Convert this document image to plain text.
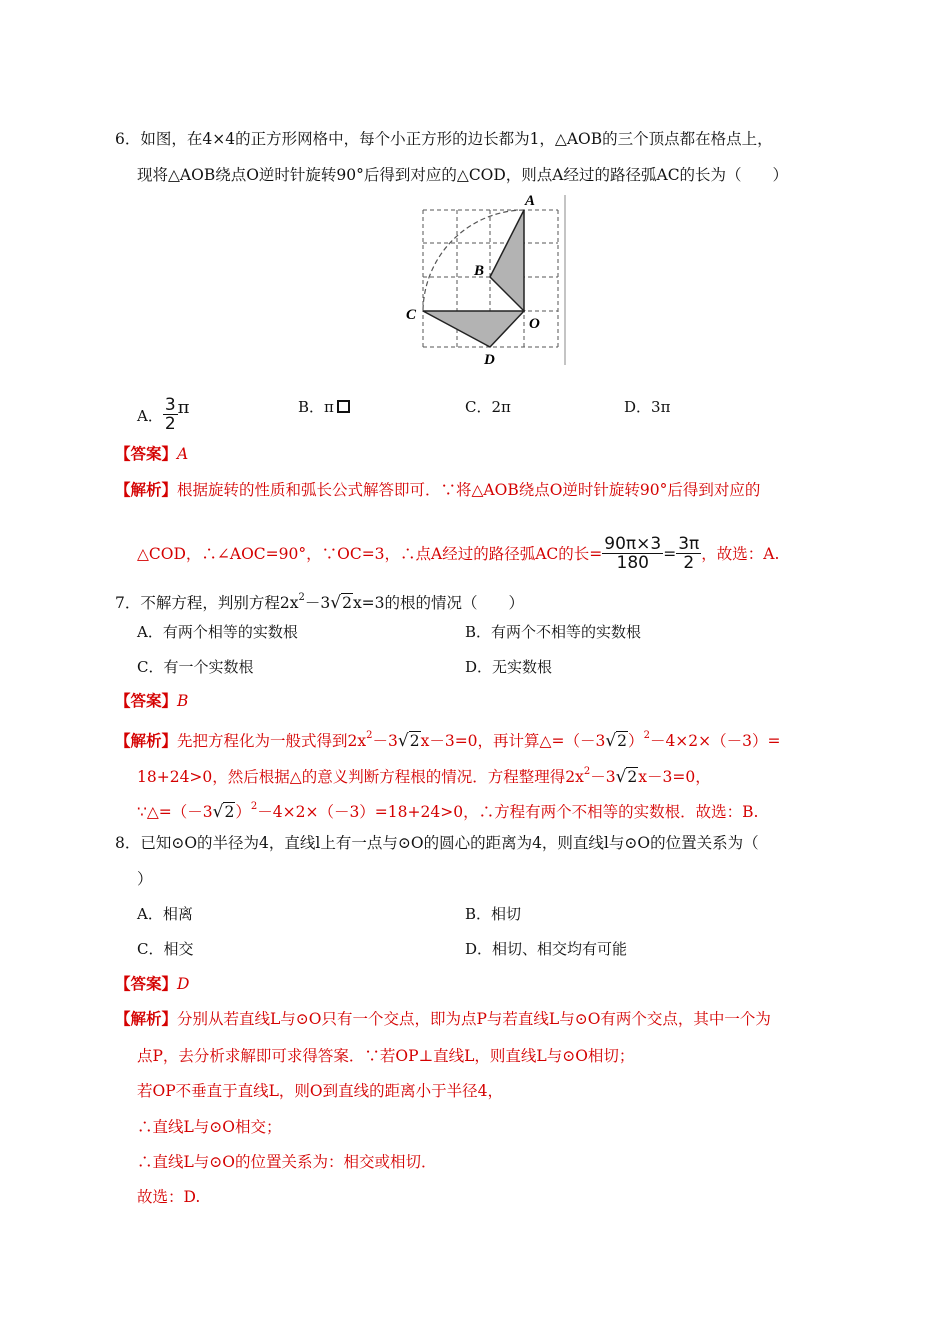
6．如图，在4×4的正方形网格中，每个小正方形的边长都为1，△AOB的三个顶点都在格点上，
现将△AOB绕点O逆时针旋转90°后得到对应的△COD，则点A经过的路径弧AC的长为（　　）
A
B
C
O
D
A． $\frac{3}{2}$ π	B．π	C．2π	D．3π
【答案】A
【解析】根据旋转的性质和弧长公式解答即可．∵将△AOB绕点O逆时针旋转90°后得到对应的
△COD，∴∠AOC=90°，∵OC=3，∴点A经过的路径弧AC的长= $\frac{90\pi\times 3}{180} = \frac{3\pi}{2}$ ，故选：A.
7．不解方程，判别方程$2x^2-3√2x=3$的根的情况（　　）
A．有两个相等的实数根	B．有两个不相等的实数根
C．有一个实数根	D．无实数根
【答案】B
【解析】先把方程化为一般式得到$2x^2-3√2x-3=0$，再计算$\triangle=(-3√2)^2-4\times 2\times(-3)=$
18+24>0，然后根据△的意义判断方程根的情况．方程整理得$2x^2-3√2x-3=0$，
$\because\triangle=(-3√2)^2-4\times 2\times(-3)=18+24>0$，∴方程有两个不相等的实数根．故选：B.
8．已知⊙O的半径为4，直线l上有一点与⊙O的圆心的距离为4，则直线l与⊙O的位置关系为（
）
A．相离	B．相切
C．相交	D．相切、相交均有可能
【答案】D
【解析】分别从若直线L与⊙O只有一个交点，即为点P与若直线L与⊙O有两个交点，其中一个为
点P，去分析求解即可求得答案．∵若OP⊥直线L，则直线L与⊙O相切；
若OP不垂直于直线L，则O到直线的距离小于半径4，
∴直线L与⊙O相交；
∴直线L与⊙O的位置关系为：相交或相切．
故选：D.
